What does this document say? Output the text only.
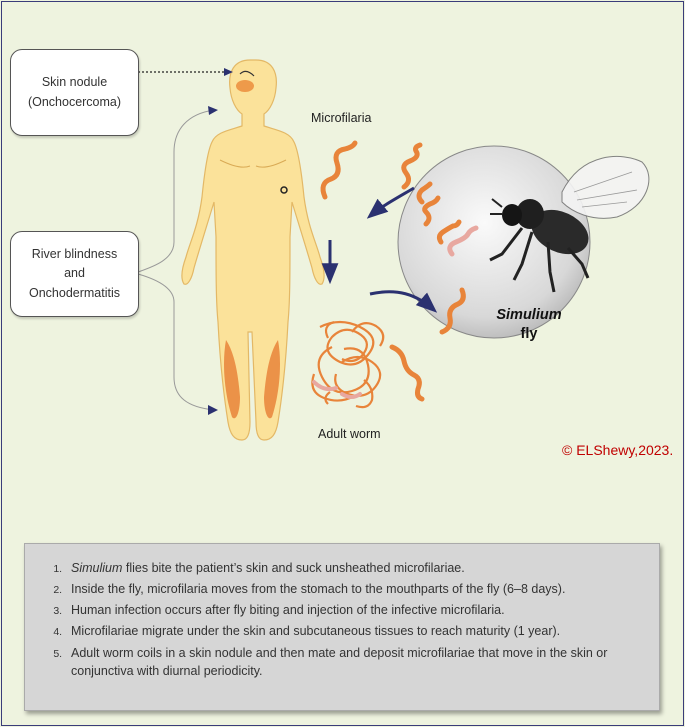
Skin nodule
(Onchocercoma)
River blindness
and
Onchodermatitis
Microfilaria
Adult worm
© ELShewy,2023.
Simulium
fly
1. Simulium flies bite the patient’s skin and suck unsheathed microfilariae.
2. Inside the fly, microfilaria moves from the stomach to the mouthparts of the fly (6–8 days).
3. Human infection occurs after fly biting and injection of the infective microfilaria.
4. Microfilariae migrate under the skin and subcutaneous tissues to reach maturity (1 year).
5. Adult worm coils in a skin nodule and then mate and deposit microfilariae that move in the skin or conjunctiva with diurnal periodicity.
